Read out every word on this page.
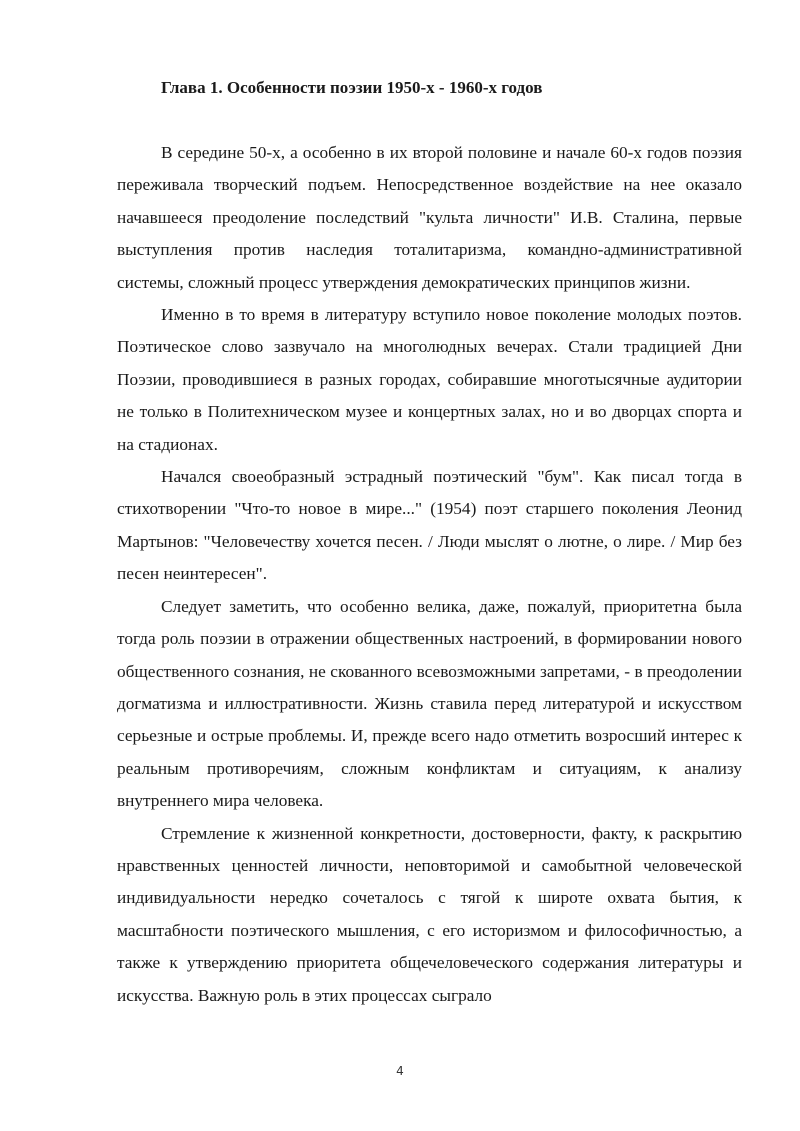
Глава 1. Особенности поэзии 1950-х - 1960-х годов

В середине 50-х, а особенно в их второй половине и начале 60-х годов поэзия переживала творческий подъем. Непосредственное воздействие на нее оказало начавшееся преодоление последствий "культа личности" И.В. Сталина, первые выступления против наследия тоталитаризма, командно-административной системы, сложный процесс утверждения демократических принципов жизни.

Именно в то время в литературу вступило новое поколение молодых поэтов. Поэтическое слово зазвучало на многолюдных вечерах. Стали традицией Дни Поэзии, проводившиеся в разных городах, собиравшие многотысячные аудитории не только в Политехническом музее и концертных залах, но и во дворцах спорта и на стадионах.

Начался своеобразный эстрадный поэтический "бум". Как писал тогда в стихотворении "Что-то новое в мире..." (1954) поэт старшего поколения Леонид Мартынов: "Человечеству хочется песен. / Люди мыслят о лютне, о лире. / Мир без песен неинтересен".

Следует заметить, что особенно велика, даже, пожалуй, приоритетна была тогда роль поэзии в отражении общественных настроений, в формировании нового общественного сознания, не скованного всевозможными запретами, - в преодолении догматизма и иллюстративности. Жизнь ставила перед литературой и искусством серьезные и острые проблемы. И, прежде всего надо отметить возросший интерес к реальным противоречиям, сложным конфликтам и ситуациям, к анализу внутреннего мира человека.

Стремление к жизненной конкретности, достоверности, факту, к раскрытию нравственных ценностей личности, неповторимой и самобытной человеческой индивидуальности нередко сочеталось с тягой к широте охвата бытия, к масштабности поэтического мышления, с его историзмом и философичностью, а также к утверждению приоритета общечеловеческого содержания литературы и искусства. Важную роль в этих процессах сыграло

4
